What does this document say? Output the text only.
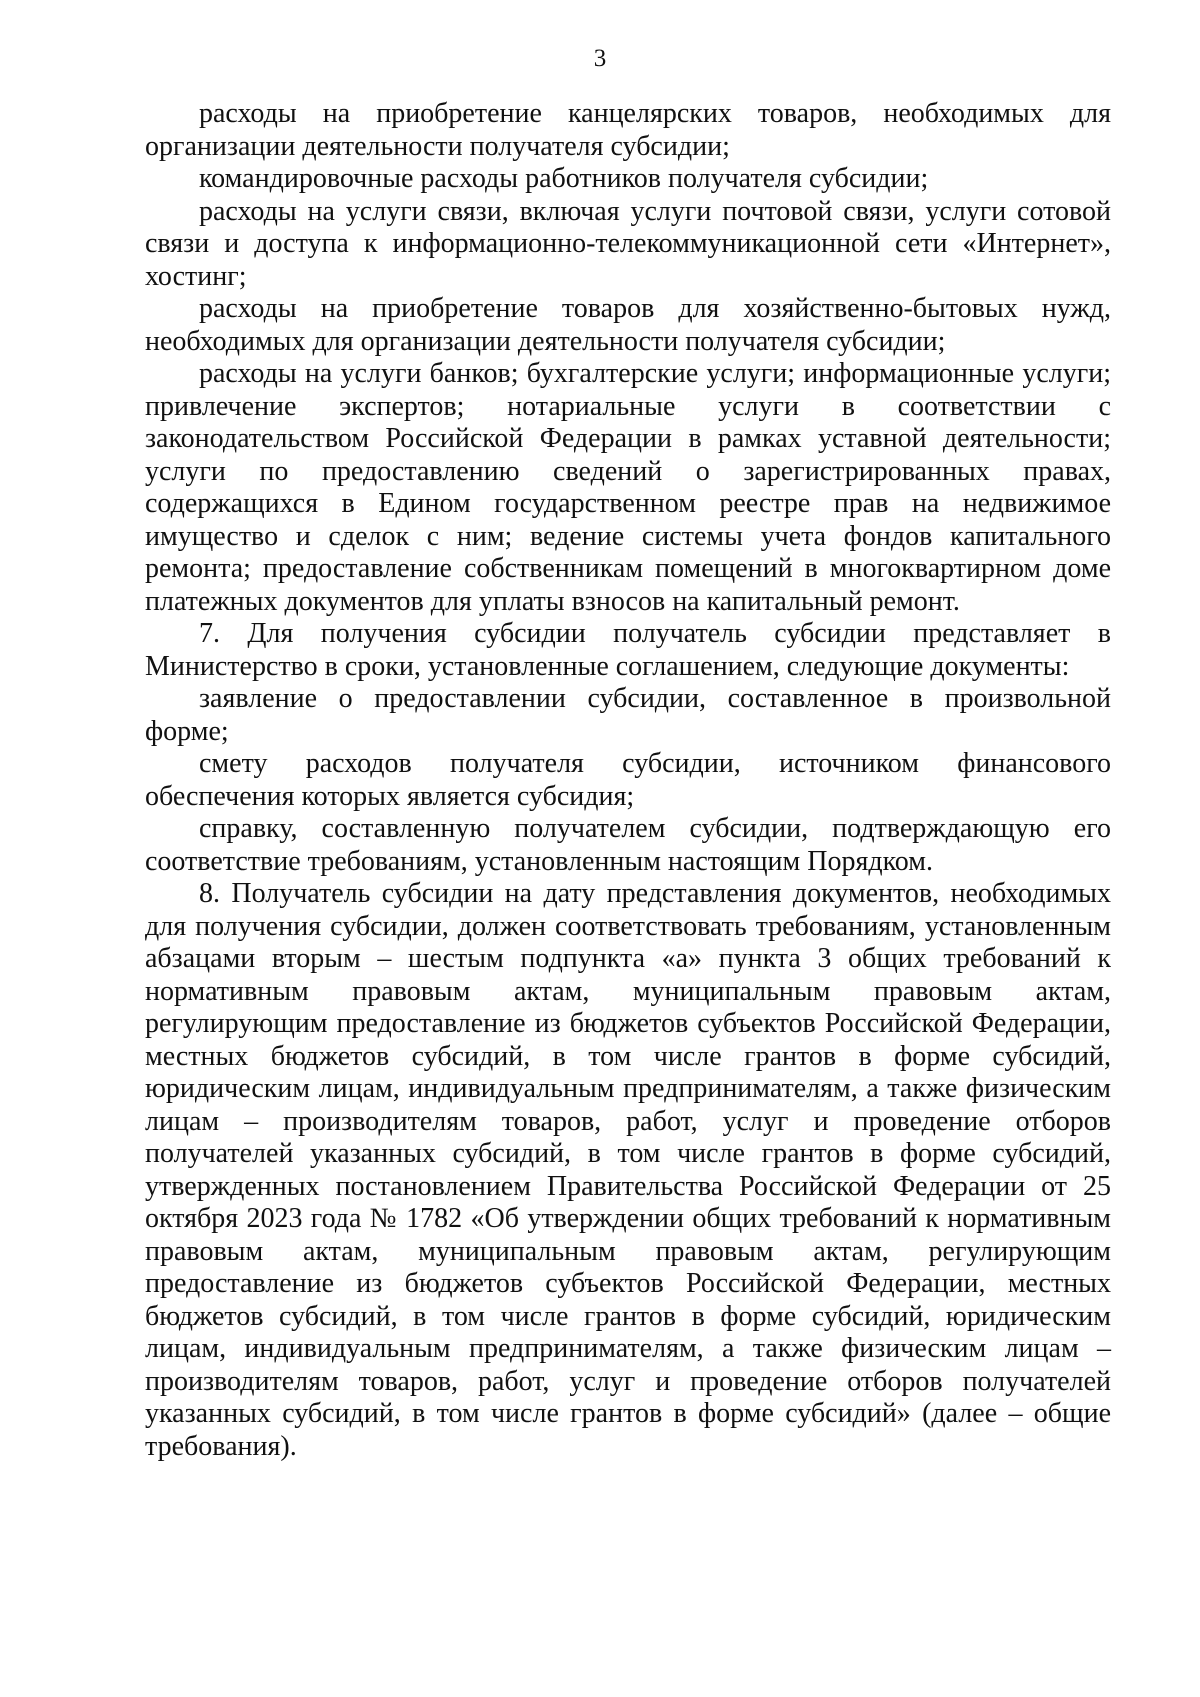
3

расходы на приобретение канцелярских товаров, необходимых для организации деятельности получателя субсидии;

командировочные расходы работников получателя субсидии;

расходы на услуги связи, включая услуги почтовой связи, услуги сотовой связи и доступа к информационно-телекоммуникационной сети «Интернет», хостинг;

расходы на приобретение товаров для хозяйственно-бытовых нужд, необходимых для организации деятельности получателя субсидии;

расходы на услуги банков; бухгалтерские услуги; информационные услуги; привлечение экспертов; нотариальные услуги в соответствии с законодательством Российской Федерации в рамках уставной деятельности; услуги по предоставлению сведений о зарегистрированных правах, содержащихся в Едином государственном реестре прав на недвижимое имущество и сделок с ним; ведение системы учета фондов капитального ремонта; предоставление собственникам помещений в многоквартирном доме платежных документов для уплаты взносов на капитальный ремонт.

7. Для получения субсидии получатель субсидии представляет в Министерство в сроки, установленные соглашением, следующие документы:

заявление о предоставлении субсидии, составленное в произвольной форме;

смету расходов получателя субсидии, источником финансового обеспечения которых является субсидия;

справку, составленную получателем субсидии, подтверждающую его соответствие требованиям, установленным настоящим Порядком.

8. Получатель субсидии на дату представления документов, необходимых для получения субсидии, должен соответствовать требованиям, установленным абзацами вторым – шестым подпункта «а» пункта 3 общих требований к нормативным правовым актам, муниципальным правовым актам, регулирующим предоставление из бюджетов субъектов Российской Федерации, местных бюджетов субсидий, в том числе грантов в форме субсидий, юридическим лицам, индивидуальным предпринимателям, а также физическим лицам – производителям товаров, работ, услуг и проведение отборов получателей указанных субсидий, в том числе грантов в форме субсидий, утвержденных постановлением Правительства Российской Федерации от 25 октября 2023 года № 1782 «Об утверждении общих требований к нормативным правовым актам, муниципальным правовым актам, регулирующим предоставление из бюджетов субъектов Российской Федерации, местных бюджетов субсидий, в том числе грантов в форме субсидий, юридическим лицам, индивидуальным предпринимателям, а также физическим лицам – производителям товаров, работ, услуг и проведение отборов получателей указанных субсидий, в том числе грантов в форме субсидий» (далее – общие требования).
